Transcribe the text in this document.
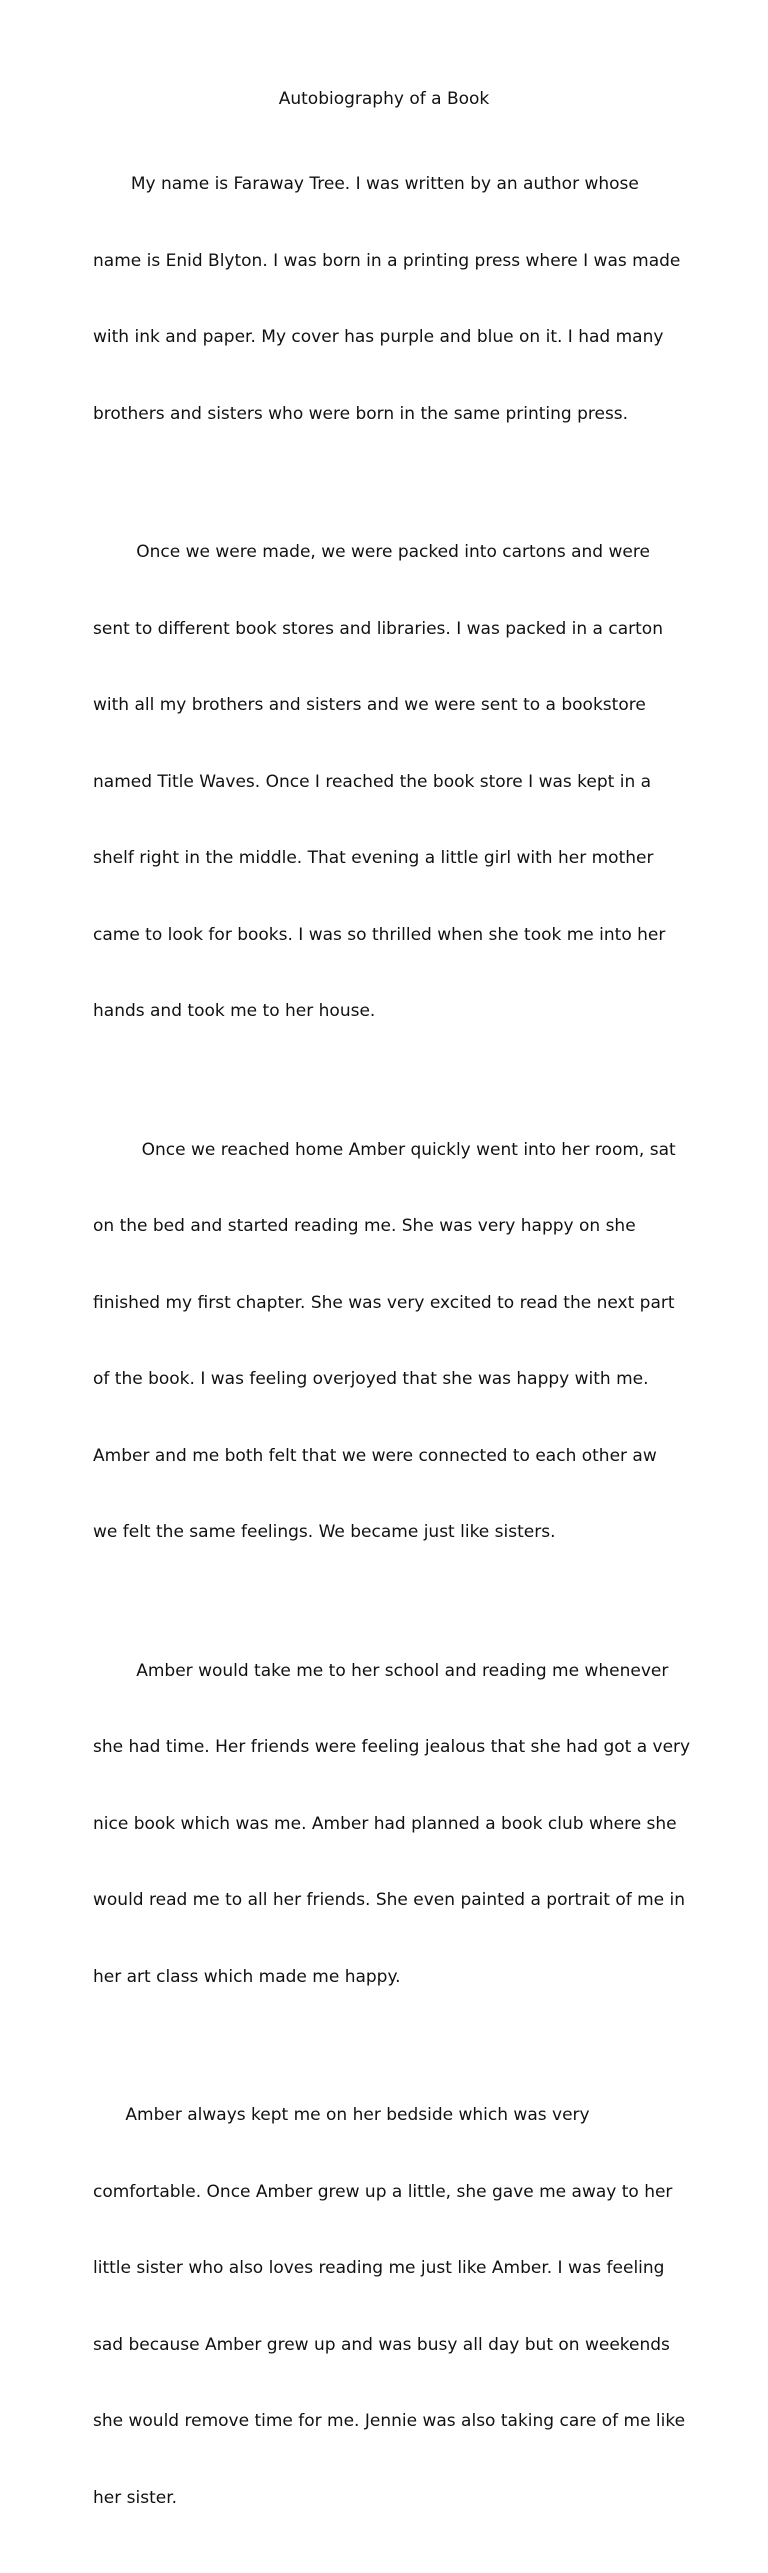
Autobiography of a Book

My name is Faraway Tree. I was written by an author whose

name is Enid Blyton. I was born in a printing press where I was made

with ink and paper. My cover has purple and blue on it. I had many

brothers and sisters who were born in the same printing press.

Once we were made, we were packed into cartons and were

sent to different book stores and libraries. I was packed in a carton

with all my brothers and sisters and we were sent to a bookstore

named Title Waves. Once I reached the book store I was kept in a

shelf right in the middle. That evening a little girl with her mother

came to look for books. I was so thrilled when she took me into her

hands and took me to her house.

Once we reached home Amber quickly went into her room, sat

on the bed and started reading me. She was very happy on she

finished my first chapter. She was very excited to read the next part

of the book. I was feeling overjoyed that she was happy with me.

Amber and me both felt that we were connected to each other aw

we felt the same feelings. We became just like sisters.

Amber would take me to her school and reading me whenever

she had time. Her friends were feeling jealous that she had got a very

nice book which was me. Amber had planned a book club where she

would read me to all her friends. She even painted a portrait of me in

her art class which made me happy.

Amber always kept me on her bedside which was very

comfortable. Once Amber grew up a little, she gave me away to her

little sister who also loves reading me just like Amber. I was feeling

sad because Amber grew up and was busy all day but on weekends

she would remove time for me. Jennie was also taking care of me like

her sister.
